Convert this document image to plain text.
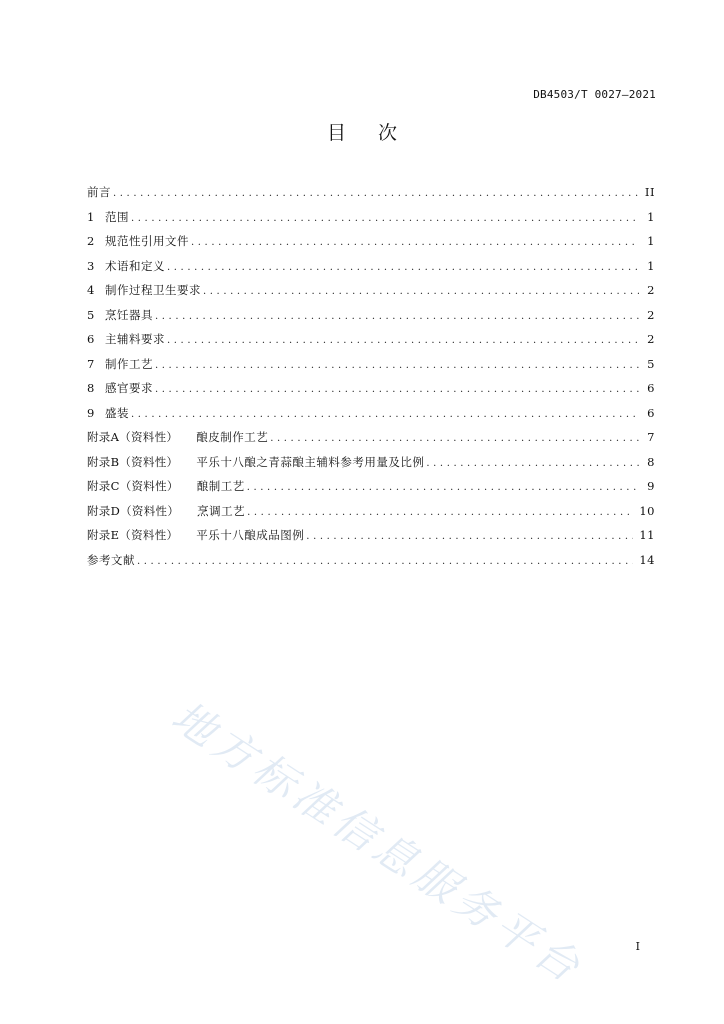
DB4503/T 0027—2021
目 次
前言 .....	II
1 范围 .....	1
2 规范性引用文件 .....	1
3 术语和定义 .....	1
4 制作过程卫生要求 .....	2
5 烹饪器具 .....	2
6 主辅料要求 .....	2
7 制作工艺 .....	5
8 感官要求 .....	6
9 盛装 .....	6
附录A（资料性） 酿皮制作工艺 .....	7
附录B（资料性） 平乐十八酿之青蒜酿主辅料参考用量及比例 .....	8
附录C（资料性） 酿制工艺 .....	9
附录D（资料性） 烹调工艺 .....	10
附录E（资料性） 平乐十八酿成品图例 .....	11
参考文献 .....	14
地方标准信息服务平台	I
